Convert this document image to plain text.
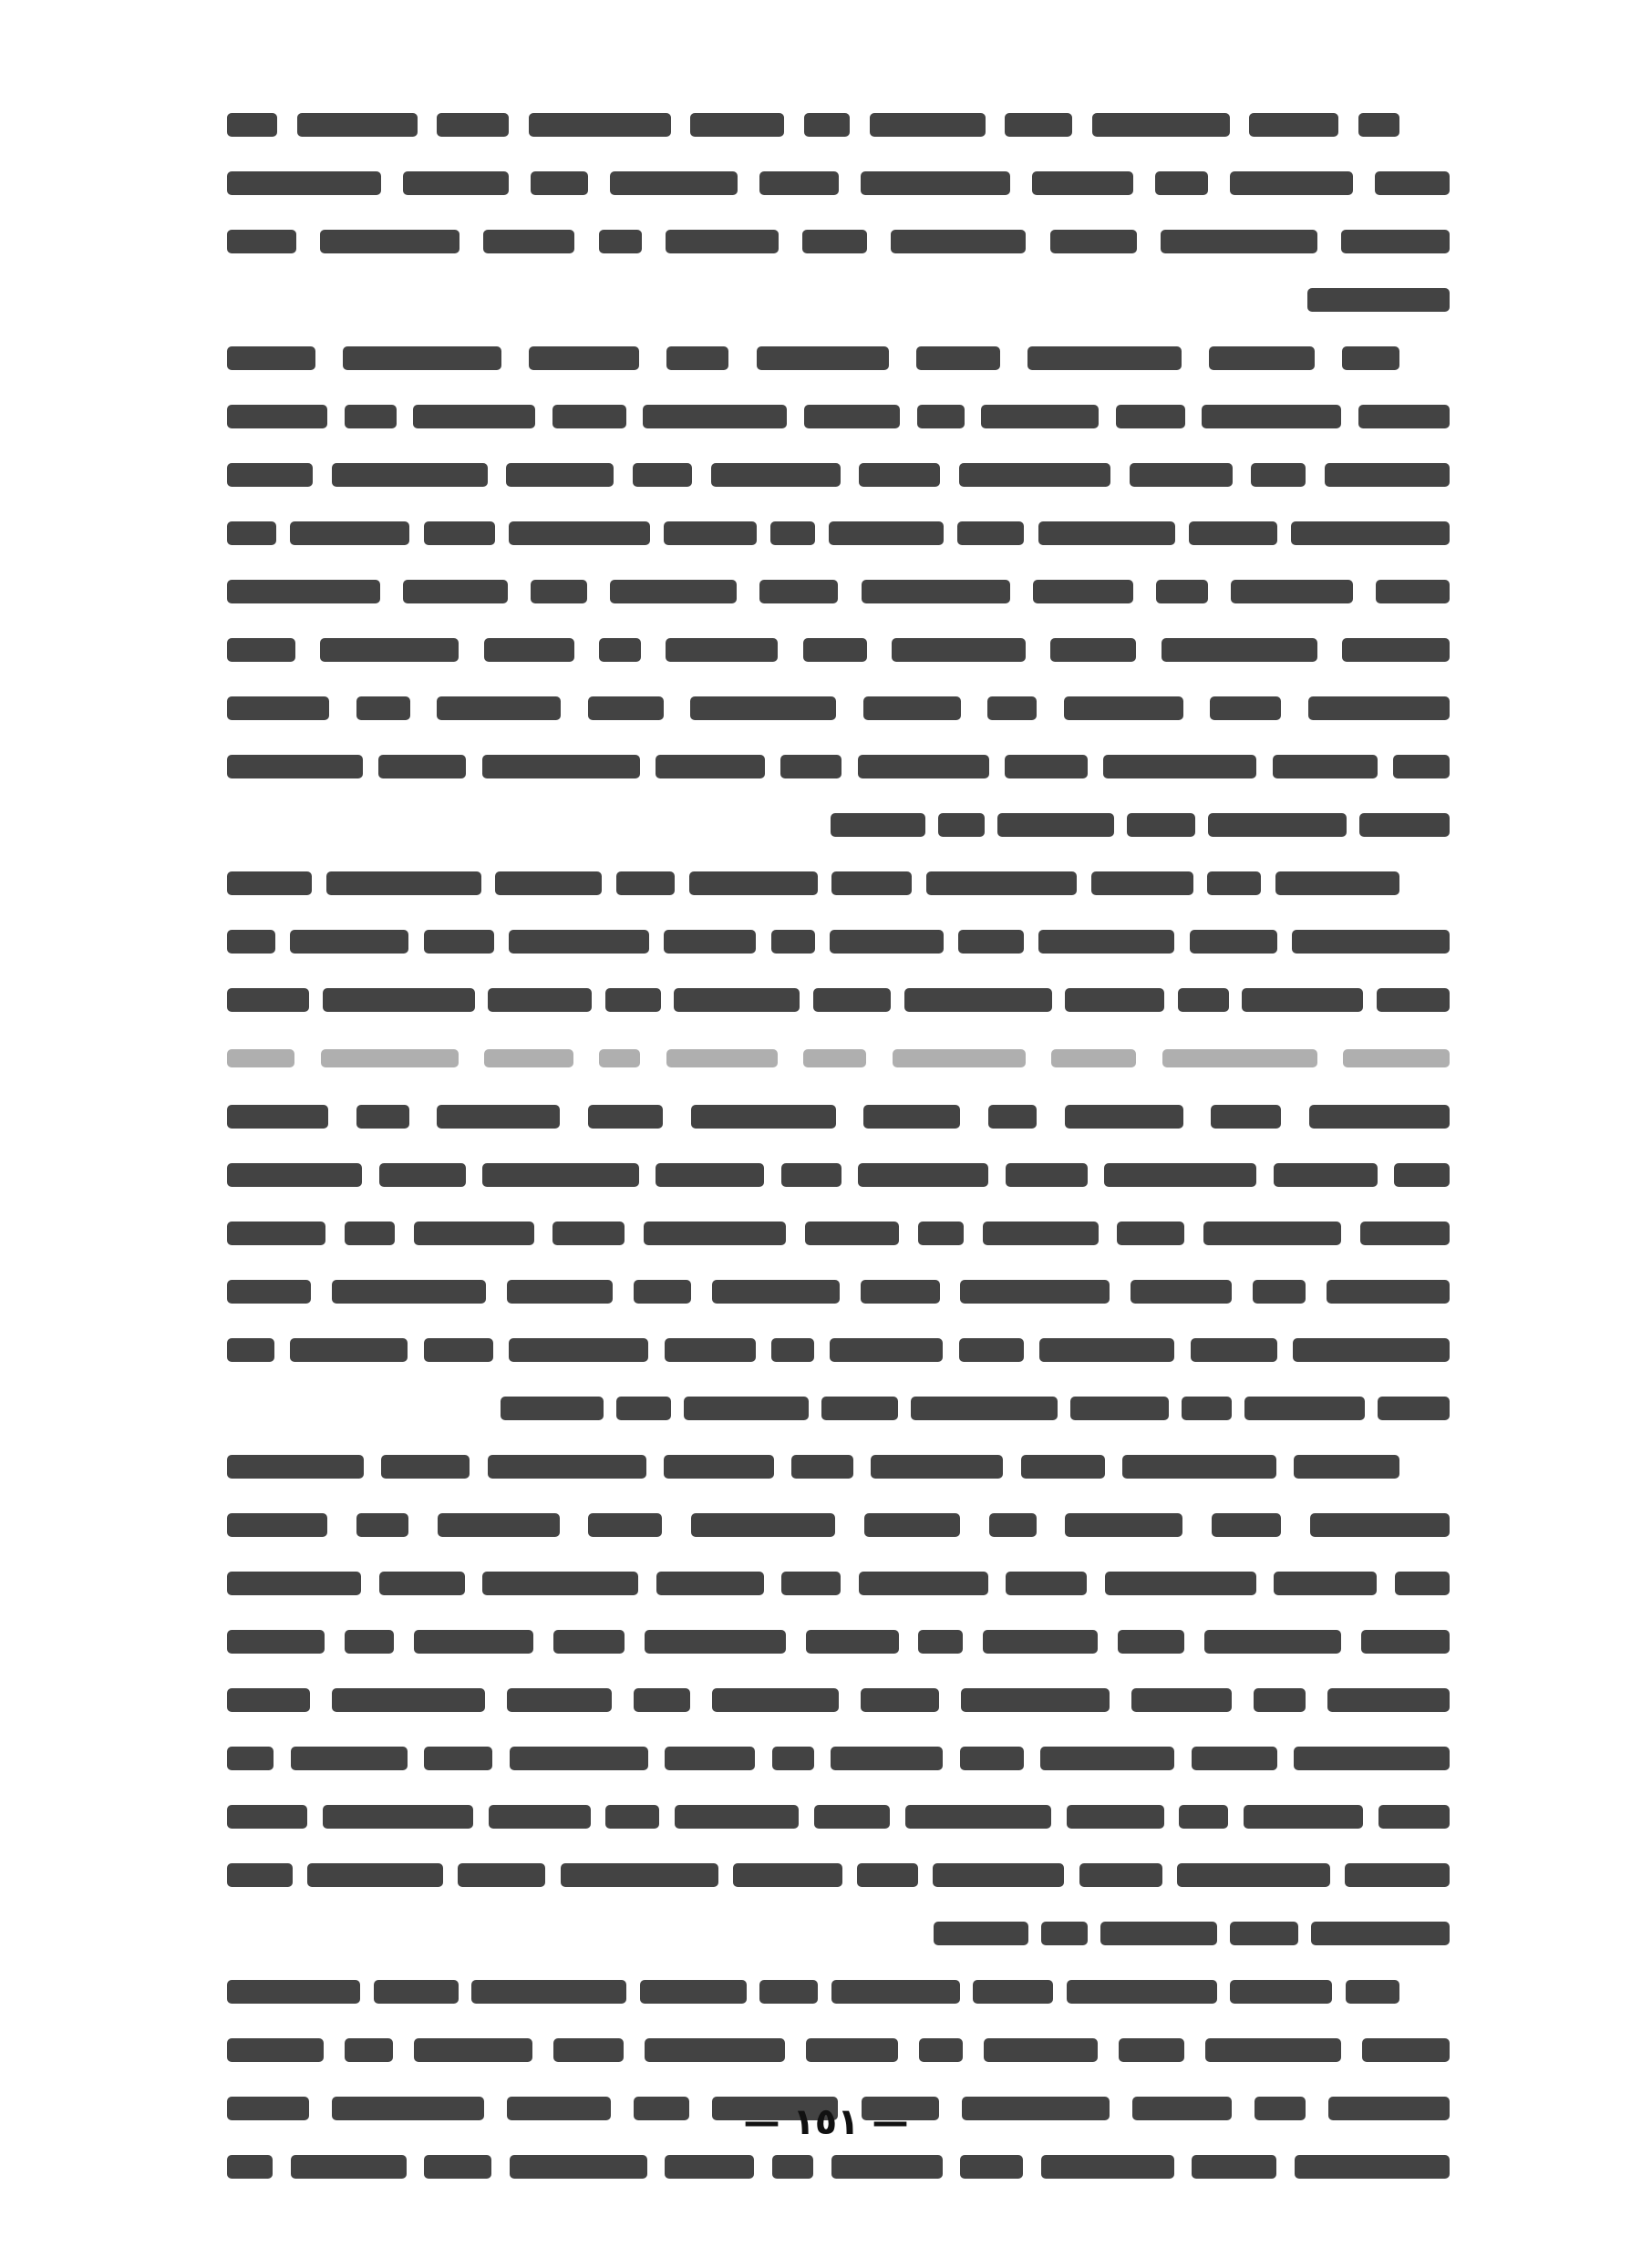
— ١٥١ —
